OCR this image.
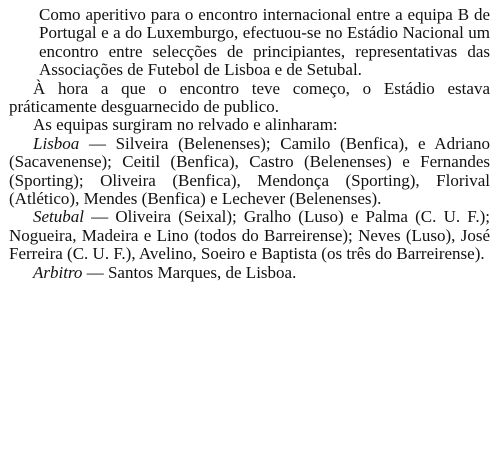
Como aperitivo para o encontro internacional entre a equipa B de Portugal e a do Luxemburgo, efectuou-se no Estádio Nacional um encontro entre selecções de principiantes, representativas das Associações de Futebol de Lisboa e de Setubal.

À hora a que o encontro teve começo, o Estádio estava práticamente desguarnecido de publico.

As equipas surgiram no relvado e alinharam:

Lisboa — Silveira (Belenenses); Camilo (Benfica), e Adriano (Sacavenense); Ceitil (Benfica), Castro (Belenenses) e Fernandes (Sporting); Oliveira (Benfica), Mendonça (Sporting), Florival (Atlético), Mendes (Benfica) e Lechever (Belenenses).

Setubal — Oliveira (Seixal); Gralho (Luso) e Palma (C. U. F.); Nogueira, Madeira e Lino (todos do Barreirense); Neves (Luso), José Ferreira (C. U. F.), Avelino, Soeiro e Baptista (os três do Barreirense).

Arbitro — Santos Marques, de Lisboa.
